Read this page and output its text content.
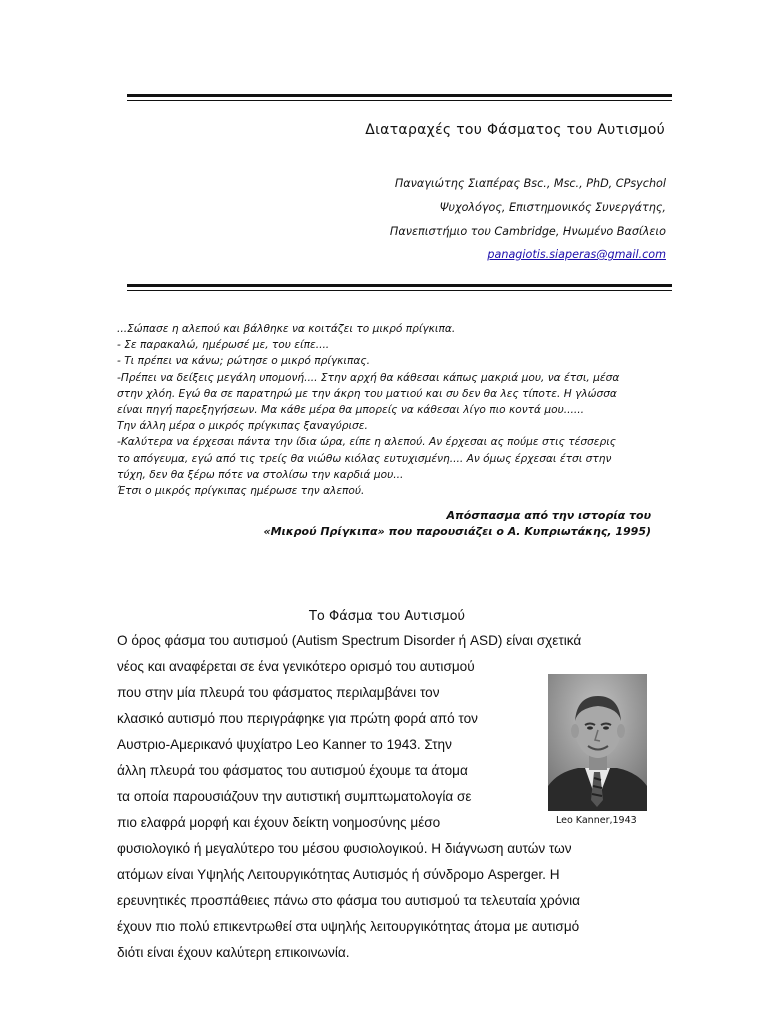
Διαταραχές του Φάσματος του Αυτισμού
Παναγιώτης Σιαπέρας Bsc., Msc., PhD, CPsychol
Ψυχολόγος, Επιστημονικός Συνεργάτης,
Πανεπιστήμιο του Cambridge, Ηνωμένο Βασίλειο
panagiotis.siaperas@gmail.com
...Σώπασε η αλεπού και βάλθηκε να κοιτάζει το μικρό πρίγκιπα.
- Σε παρακαλώ, ημέρωσέ με, του είπε....
- Τι πρέπει να κάνω; ρώτησε ο μικρό πρίγκιπας.
-Πρέπει να δείξεις μεγάλη υπομονή.... Στην αρχή θα κάθεσαι κάπως μακριά μου, να έτσι, μέσα
στην χλόη. Εγώ θα σε παρατηρώ με την άκρη του ματιού και συ δεν θα λες τίποτε. Η γλώσσα
είναι πηγή παρεξηγήσεων. Μα κάθε μέρα θα μπορείς να κάθεσαι λίγο πιο κοντά μου......
Την άλλη μέρα ο μικρός πρίγκιπας ξαναγύρισε.
-Καλύτερα να έρχεσαι πάντα την ίδια ώρα, είπε η αλεπού. Αν έρχεσαι ας πούμε στις τέσσερις
το απόγευμα, εγώ από τις τρείς θα νιώθω κιόλας ευτυχισμένη.... Αν όμως έρχεσαι έτσι στην
τύχη, δεν θα ξέρω πότε να στολίσω την καρδιά μου...
Έτσι ο μικρός πρίγκιπας ημέρωσε την αλεπού.
Απόσπασμα από την ιστορία του
«Μικρού Πρίγκιπα» που παρουσιάζει ο Α. Κυπριωτάκης, 1995)
Το Φάσμα του Αυτισμού
Ο όρος φάσμα του αυτισμού (Autism Spectrum Disorder ή ASD) είναι σχετικά
νέος και αναφέρεται σε ένα γενικότερο ορισμό του αυτισμού
που στην μία πλευρά του φάσματος περιλαμβάνει τον
κλασικό αυτισμό που περιγράφηκε για πρώτη φορά από τον
Αυστριο-Αμερικανό ψυχίατρο Leo Kanner το 1943. Στην
άλλη πλευρά του φάσματος του αυτισμού έχουμε τα άτομα
τα οποία παρουσιάζουν την αυτιστική συμπτωματολογία σε
πιο ελαφρά μορφή και έχουν δείκτη νοημοσύνης μέσο
φυσιολογικό ή μεγαλύτερο του μέσου φυσιολογικού. Η διάγνωση αυτών των
ατόμων είναι Υψηλής Λειτουργικότητας Αυτισμός ή σύνδρομο Asperger. Η
ερευνητικές προσπάθειες πάνω στο φάσμα του αυτισμού τα τελευταία χρόνια
έχουν πιο πολύ επικεντρωθεί στα υψηλής λειτουργικότητας άτομα με αυτισμό
διότι είναι έχουν καλύτερη επικοινωνία.
Leo Kanner,1943
